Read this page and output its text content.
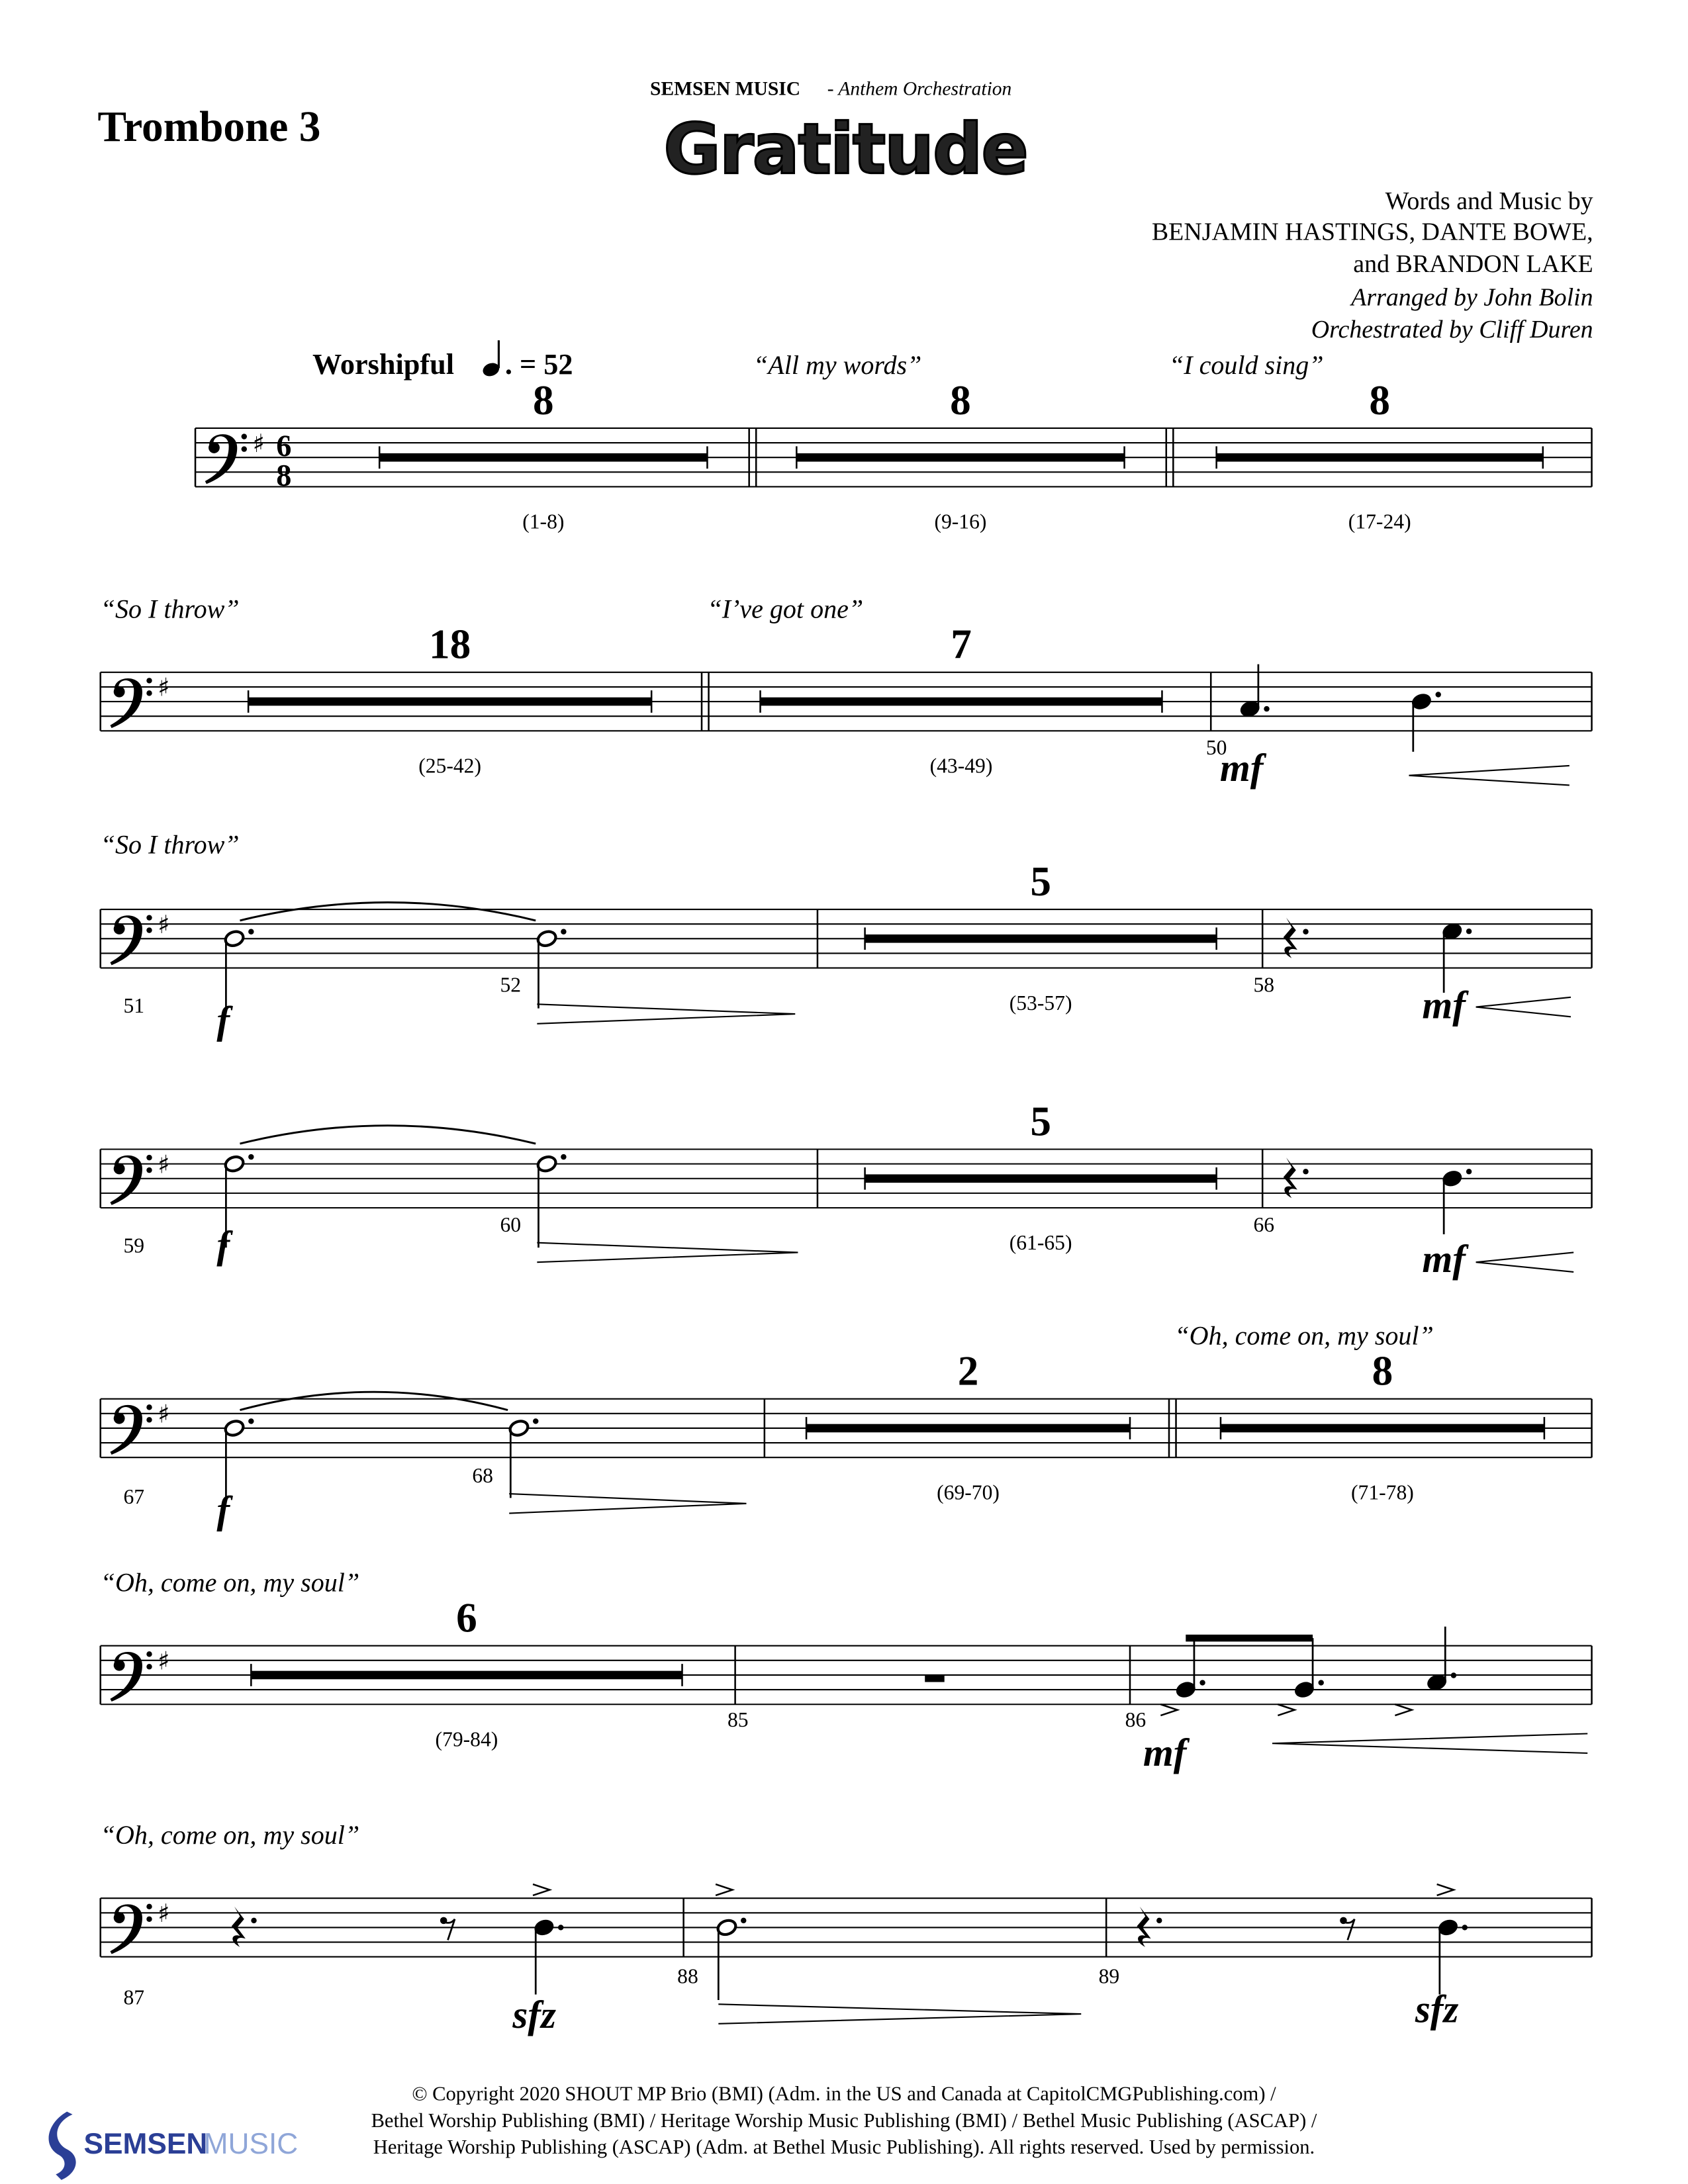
Trombone 3
SEMSEN MUSIC	- Anthem Orchestration
Gratitude
Words and Music by
BENJAMIN HASTINGS, DANTE BOWE,
and BRANDON LAKE
Arranged by John Bolin
Orchestrated by Cliff Duren
Worshipful	. = 52
♯ 6
8
8
(1-8)
8
(9-16)
8
(17-24)
“All my words”	“I could sing”
♯
18
(25-42)
7
(43-49)
“So I throw”	“I’ve got one”
50
mf
♯
51
52
f
5
(53-57)
58	mf
“So I throw”
♯
59
60
f
5
(61-65)
66
mf
♯
67
68
f
2
(69-70)
8
(71-78)
“Oh, come on, my soul”
♯
6
(79-84)
85	86
mf
“Oh, come on, my soul”
♯
87	sfz
88	89
sfz
“Oh, come on, my soul”
© Copyright 2020 SHOUT MP Brio (BMI) (Adm. in the US and Canada at CapitolCMGPublishing.com) /
Bethel Worship Publishing (BMI) / Heritage Worship Music Publishing (BMI) / Bethel Music Publishing (ASCAP) /
Heritage Worship Publishing (ASCAP) (Adm. at Bethel Music Publishing). All rights reserved. Used by permission.
SEMSEN
MUSIC
